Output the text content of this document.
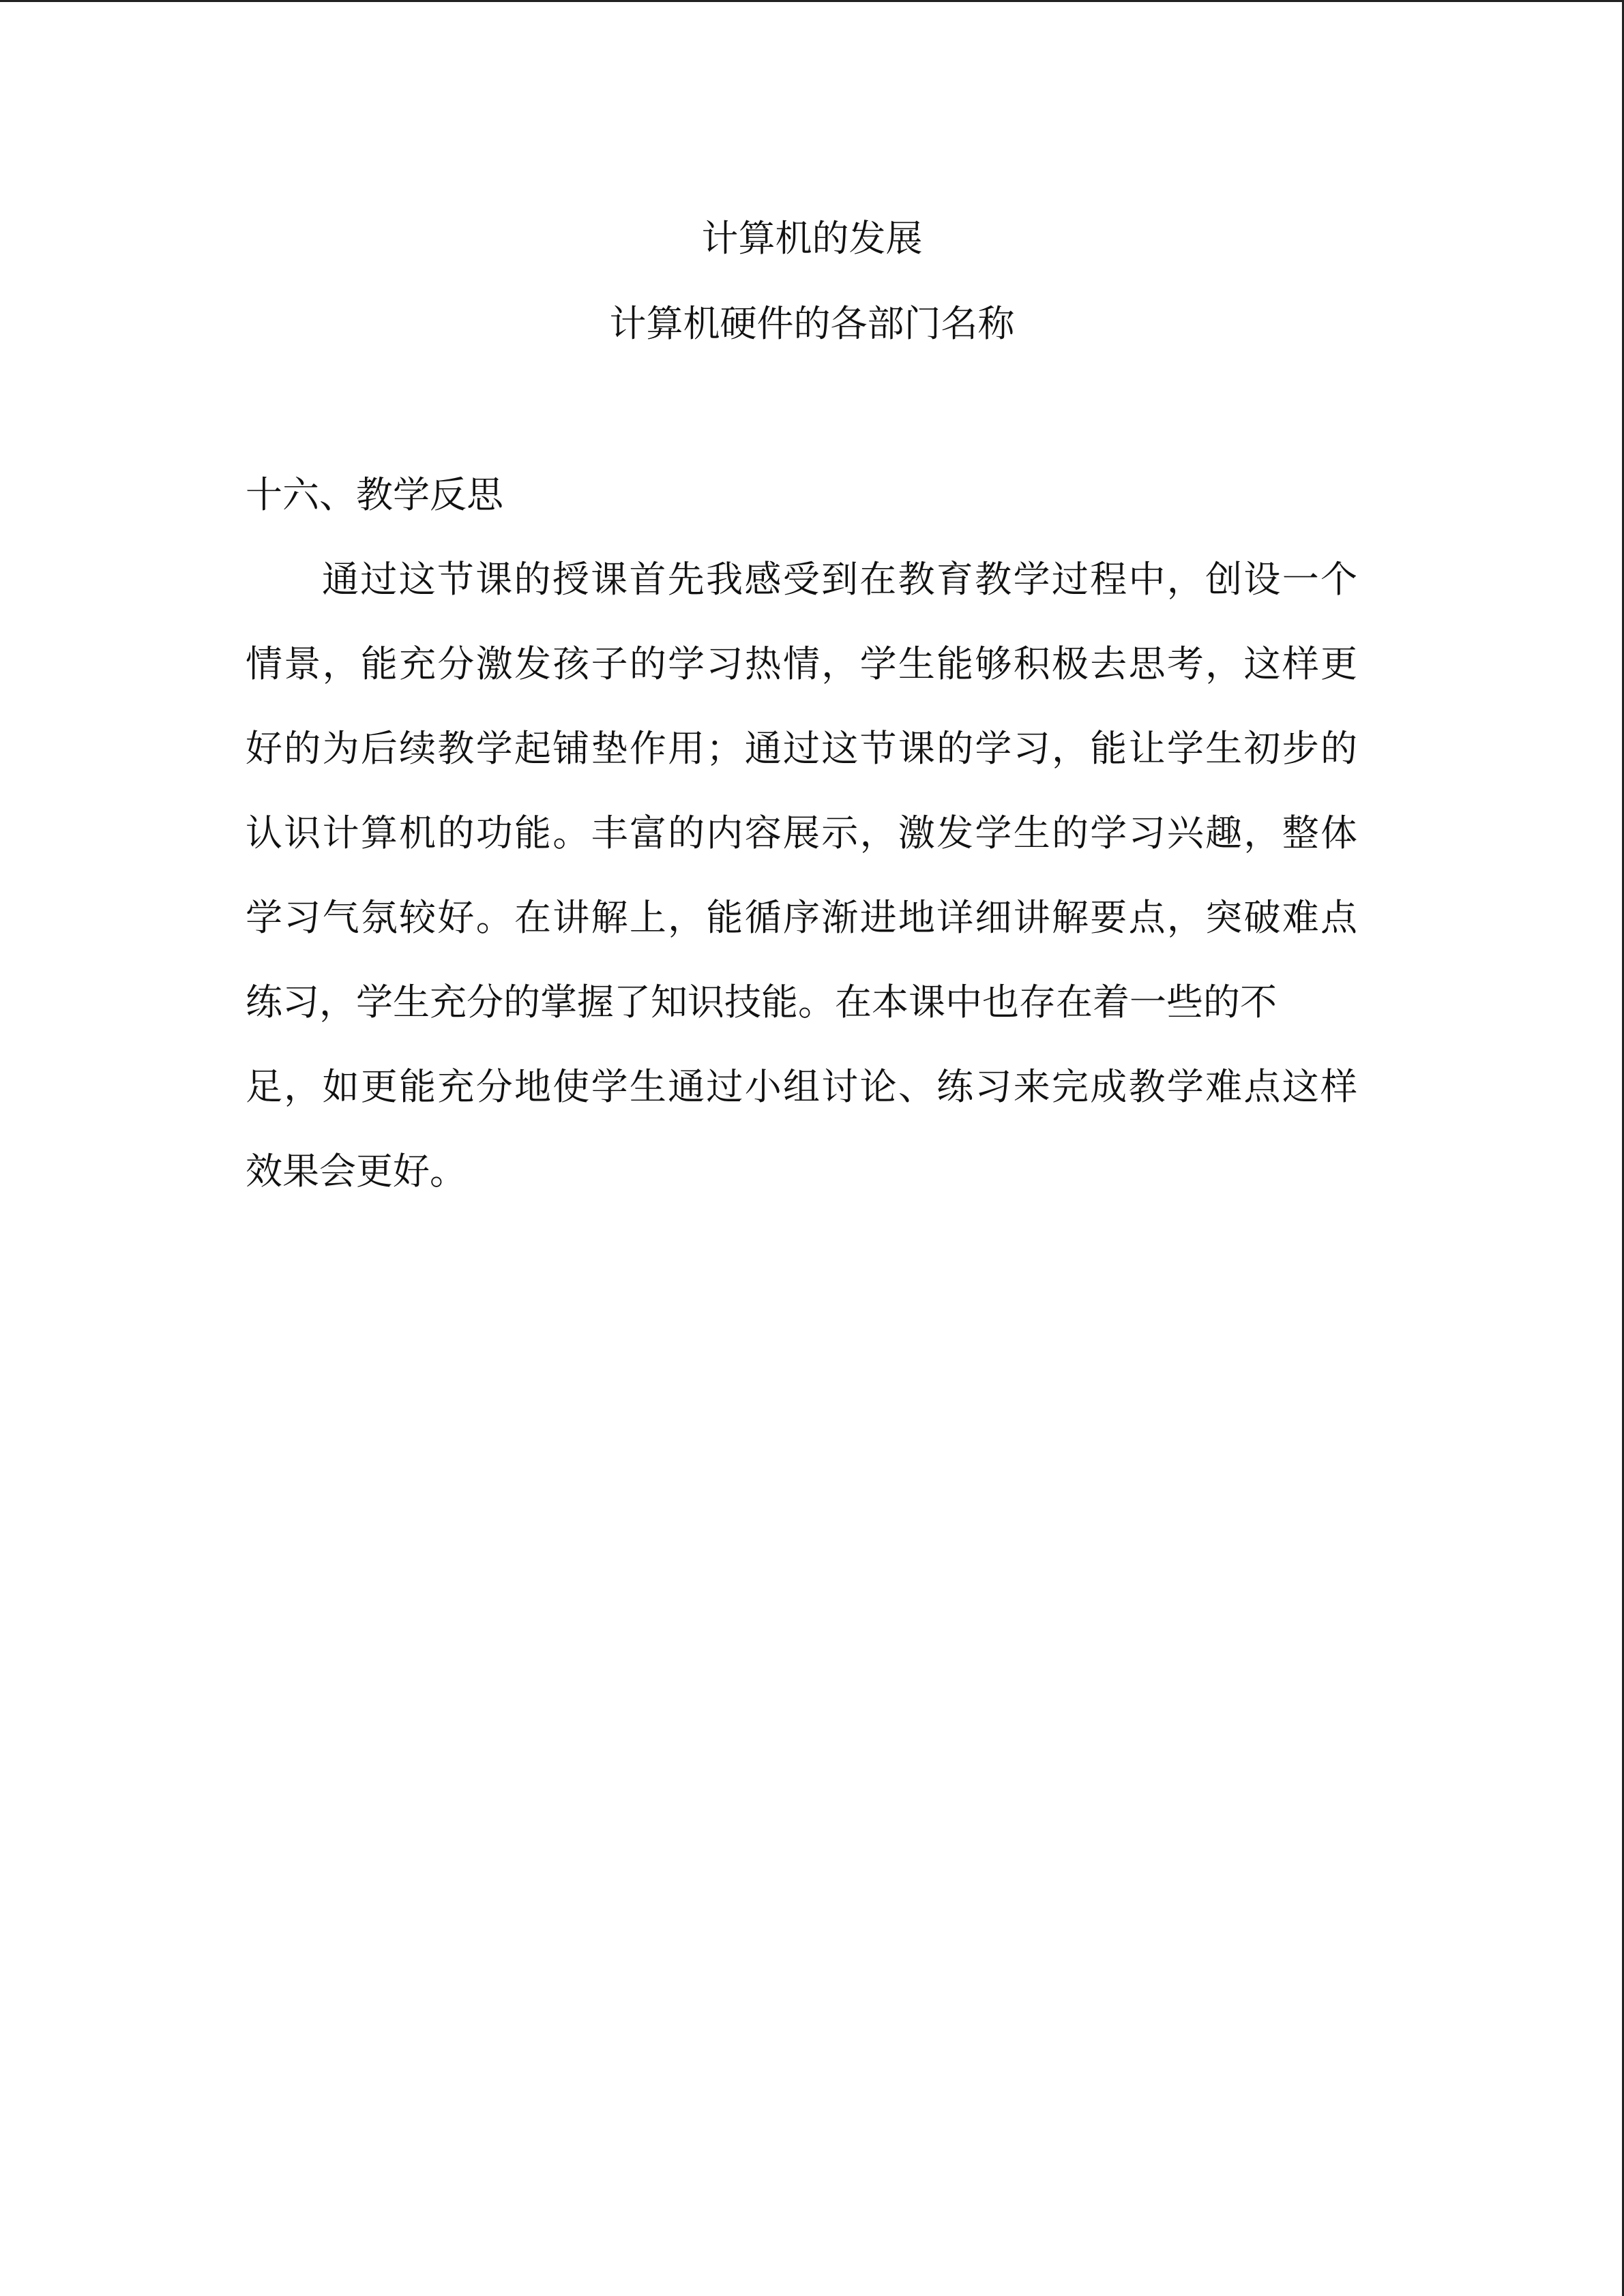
计算机的发展
计算机硬件的各部门名称
十六、教学反思
通过这节课的授课首先我感受到在教育教学过程中，创设一个
情景，能充分激发孩子的学习热情，学生能够积极去思考，这样更
好的为后续教学起铺垫作用；通过这节课的学习，能让学生初步的
认识计算机的功能。丰富的内容展示，激发学生的学习兴趣，整体
学习气氛较好。在讲解上，能循序渐进地详细讲解要点，突破难点
练习，学生充分的掌握了知识技能。在本课中也存在着一些的不
足，如更能充分地使学生通过小组讨论、练习来完成教学难点这样
效果会更好。
